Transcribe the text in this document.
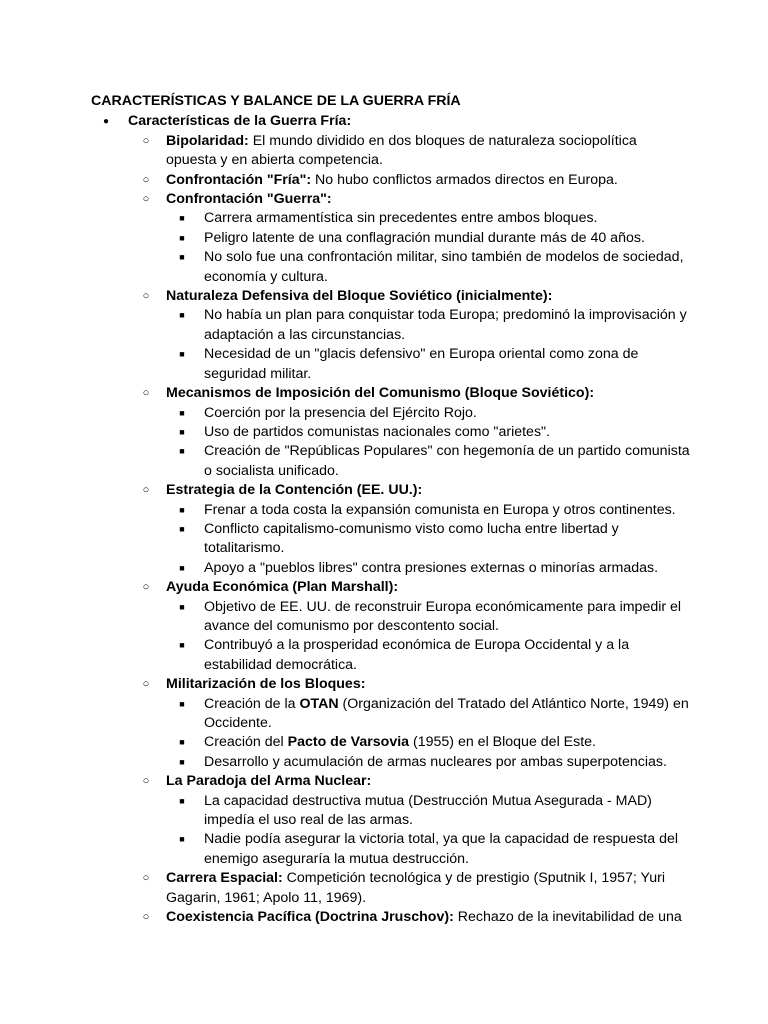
CARACTERÍSTICAS Y BALANCE DE LA GUERRA FRÍA
●	Características de la Guerra Fría:
○	Bipolaridad: El mundo dividido en dos bloques de naturaleza sociopolítica opuesta y en abierta competencia.
○	Confrontación "Fría": No hubo conflictos armados directos en Europa.
○	Confrontación "Guerra":
■	Carrera armamentística sin precedentes entre ambos bloques.
■	Peligro latente de una conflagración mundial durante más de 40 años.
■	No solo fue una confrontación militar, sino también de modelos de sociedad, economía y cultura.
○	Naturaleza Defensiva del Bloque Soviético (inicialmente):
■	No había un plan para conquistar toda Europa; predominó la improvisación y adaptación a las circunstancias.
■	Necesidad de un "glacis defensivo" en Europa oriental como zona de seguridad militar.
○	Mecanismos de Imposición del Comunismo (Bloque Soviético):
■	Coerción por la presencia del Ejército Rojo.
■	Uso de partidos comunistas nacionales como "arietes".
■	Creación de "Repúblicas Populares" con hegemonía de un partido comunista o socialista unificado.
○	Estrategia de la Contención (EE. UU.):
■	Frenar a toda costa la expansión comunista en Europa y otros continentes.
■	Conflicto capitalismo-comunismo visto como lucha entre libertad y totalitarismo.
■	Apoyo a "pueblos libres" contra presiones externas o minorías armadas.
○	Ayuda Económica (Plan Marshall):
■	Objetivo de EE. UU. de reconstruir Europa económicamente para impedir el avance del comunismo por descontento social.
■	Contribuyó a la prosperidad económica de Europa Occidental y a la estabilidad democrática.
○	Militarización de los Bloques:
■	Creación de la OTAN (Organización del Tratado del Atlántico Norte, 1949) en Occidente.
■	Creación del Pacto de Varsovia (1955) en el Bloque del Este.
■	Desarrollo y acumulación de armas nucleares por ambas superpotencias.
○	La Paradoja del Arma Nuclear:
■	La capacidad destructiva mutua (Destrucción Mutua Asegurada - MAD) impedía el uso real de las armas.
■	Nadie podía asegurar la victoria total, ya que la capacidad de respuesta del enemigo aseguraría la mutua destrucción.
○	Carrera Espacial: Competición tecnológica y de prestigio (Sputnik I, 1957; Yuri Gagarin, 1961; Apolo 11, 1969).
○	Coexistencia Pacífica (Doctrina Jruschov): Rechazo de la inevitabilidad de una
